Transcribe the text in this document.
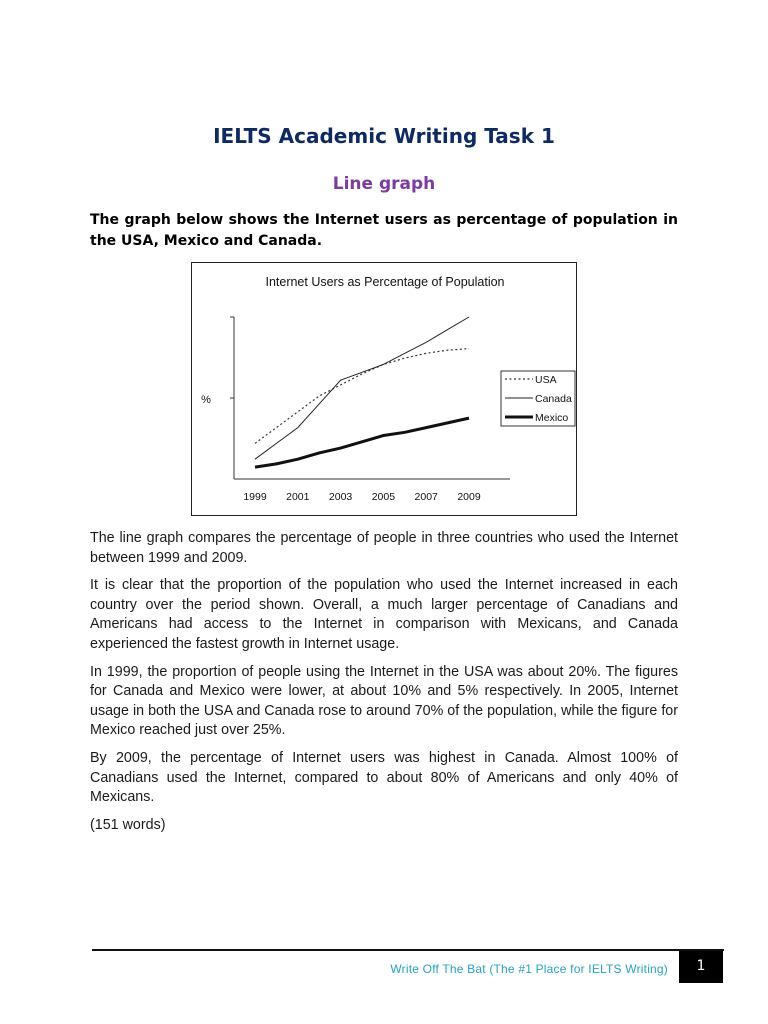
IELTS Academic Writing Task 1
Line graph
The graph below shows the Internet users as percentage of population in the USA, Mexico and Canada.
Internet Users as Percentage of Population
%
1999 2001 2003 2005 2007 2009
USA
Canada
Mexico

The line graph compares the percentage of people in three countries who used the Internet between 1999 and 2009.

It is clear that the proportion of the population who used the Internet increased in each country over the period shown. Overall, a much larger percentage of Canadians and Americans had access to the Internet in comparison with Mexicans, and Canada experienced the fastest growth in Internet usage.

In 1999, the proportion of people using the Internet in the USA was about 20%. The figures for Canada and Mexico were lower, at about 10% and 5% respectively. In 2005, Internet usage in both the USA and Canada rose to around 70% of the population, while the figure for Mexico reached just over 25%.

By 2009, the percentage of Internet users was highest in Canada. Almost 100% of Canadians used the Internet, compared to about 80% of Americans and only 40% of Mexicans.

(151 words)

Write Off The Bat (The #1 Place for IELTS Writing)	1
